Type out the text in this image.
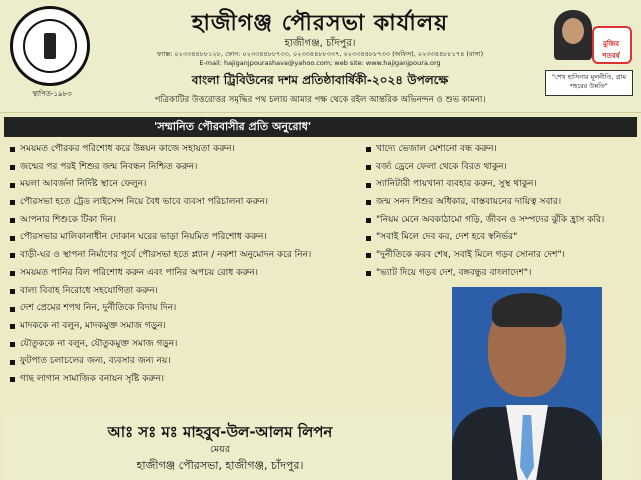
স্থাপিত-১৯৮৩
হাজীগঞ্জ পৌরসভা কার্যালয়
হাজীগঞ্জ, চাঁদপুর।
ফ্যাক্স: ০২৩৩৪৪৮৮১২৮, ফোন: ০২৩৩৪৪৮৮৭৩৩, ০২৩৩৪৪৮৮৩৩৭, ০২৩৩৪৪৮৮৭৩৩ (অফিস), ০২৩৩৪৪৮৮১৭৪ (বাসা)
E-mail: hajiganjpourashava@yahoo.com; web site: www.hajiganjpoura.org
বাংলা ট্রিবিউনের দশম প্রতিষ্ঠাবার্ষিকী-২০২৪ উপলক্ষে
পত্রিকাটির উত্তরোত্তর সমৃদ্ধির পথ চলায় আমার পক্ষ থেকে রইল আন্তরিক অভিনন্দন ও শুভ কামনা।
মুজিব শতবর্ষ
"শেখ হাসিনার মূলনীতি, গ্রাম শহরের উন্নতি"
'সম্মানিত পৌরবাসীর প্রতি অনুরোধ'
সময়মত পৌরকর পরিশোধ করে উন্নয়ন কাজে সহায়তা করুন।
জন্মের পর পরই শিশুর জন্ম নিবন্ধন নিশ্চিত করুন।
ময়লা আবর্জনা নির্দিষ্ট স্থানে ফেলুন।
পৌরসভা হতে ট্রেড লাইসেন্স নিয়ে বৈধ ভাবে ব্যবসা পরিচালনা করুন।
আপনার শিশুকে টিকা দিন।
পৌরসভার মালিকানাধীন দোকান ঘরের ভাড়া নিয়মিত পরিশোধ করুন।
বাড়ী-ঘর ও স্থাপনা নির্মাণের পূর্বে পৌরসভা হতে প্ল্যান / নকশা অনুমোদন করে নিন।
সময়মত পানির বিল পরিশোধ করুন এবং পানির অপচয় রোধ করুন।
বাল্য বিবাহ নিরোধে সহযোগিতা করুন।
দেশ প্রেমের শপথ নিন, দুর্নীতিকে বিদায় দিন।
মাদককে না বলুন, মাদকমুক্ত সমাজ গড়ুন।
যৌতুককে না বলুন, যৌতুকমুক্ত সমাজ গড়ুন।
ফুটপাত চলাচলের জন্য, ব্যবসার জন্য নয়।
গাছ লাগান সামাজিক বনায়ন সৃষ্টি করুন।
খাদ্যে ভেজাল মেশানো বন্ধ করুন।
বর্জ্য ড্রেনে ফেলা থেকে বিরত থাকুন।
স্যানিটারী পায়খানা ব্যবহার করুন, সুস্থ থাকুন।
জন্ম সনদ শিশুর অধিকার, বাস্তবায়নের দায়িত্ব সবার।
"নিয়ম মেনে অবকাঠামো গড়ি, জীবন ও সম্পদের ঝুঁকি হ্রাস করি।
"সবাই মিলে দেব কর, দেশ হবে স্বনির্ভর"
"দুর্নীতিকে করব শেষ, সবাই মিলে গড়ব সোনার দেশ"।
"ভ্যাট দিয়ে গড়ব দেশ, বঙ্গবন্ধুর বাংলাদেশ"।
আঃ সঃ মঃ মাহবুব-উল-আলম লিপন
মেয়র
হাজীগঞ্জ পৌরসভা, হাজীগঞ্জ, চাঁদপুর।
